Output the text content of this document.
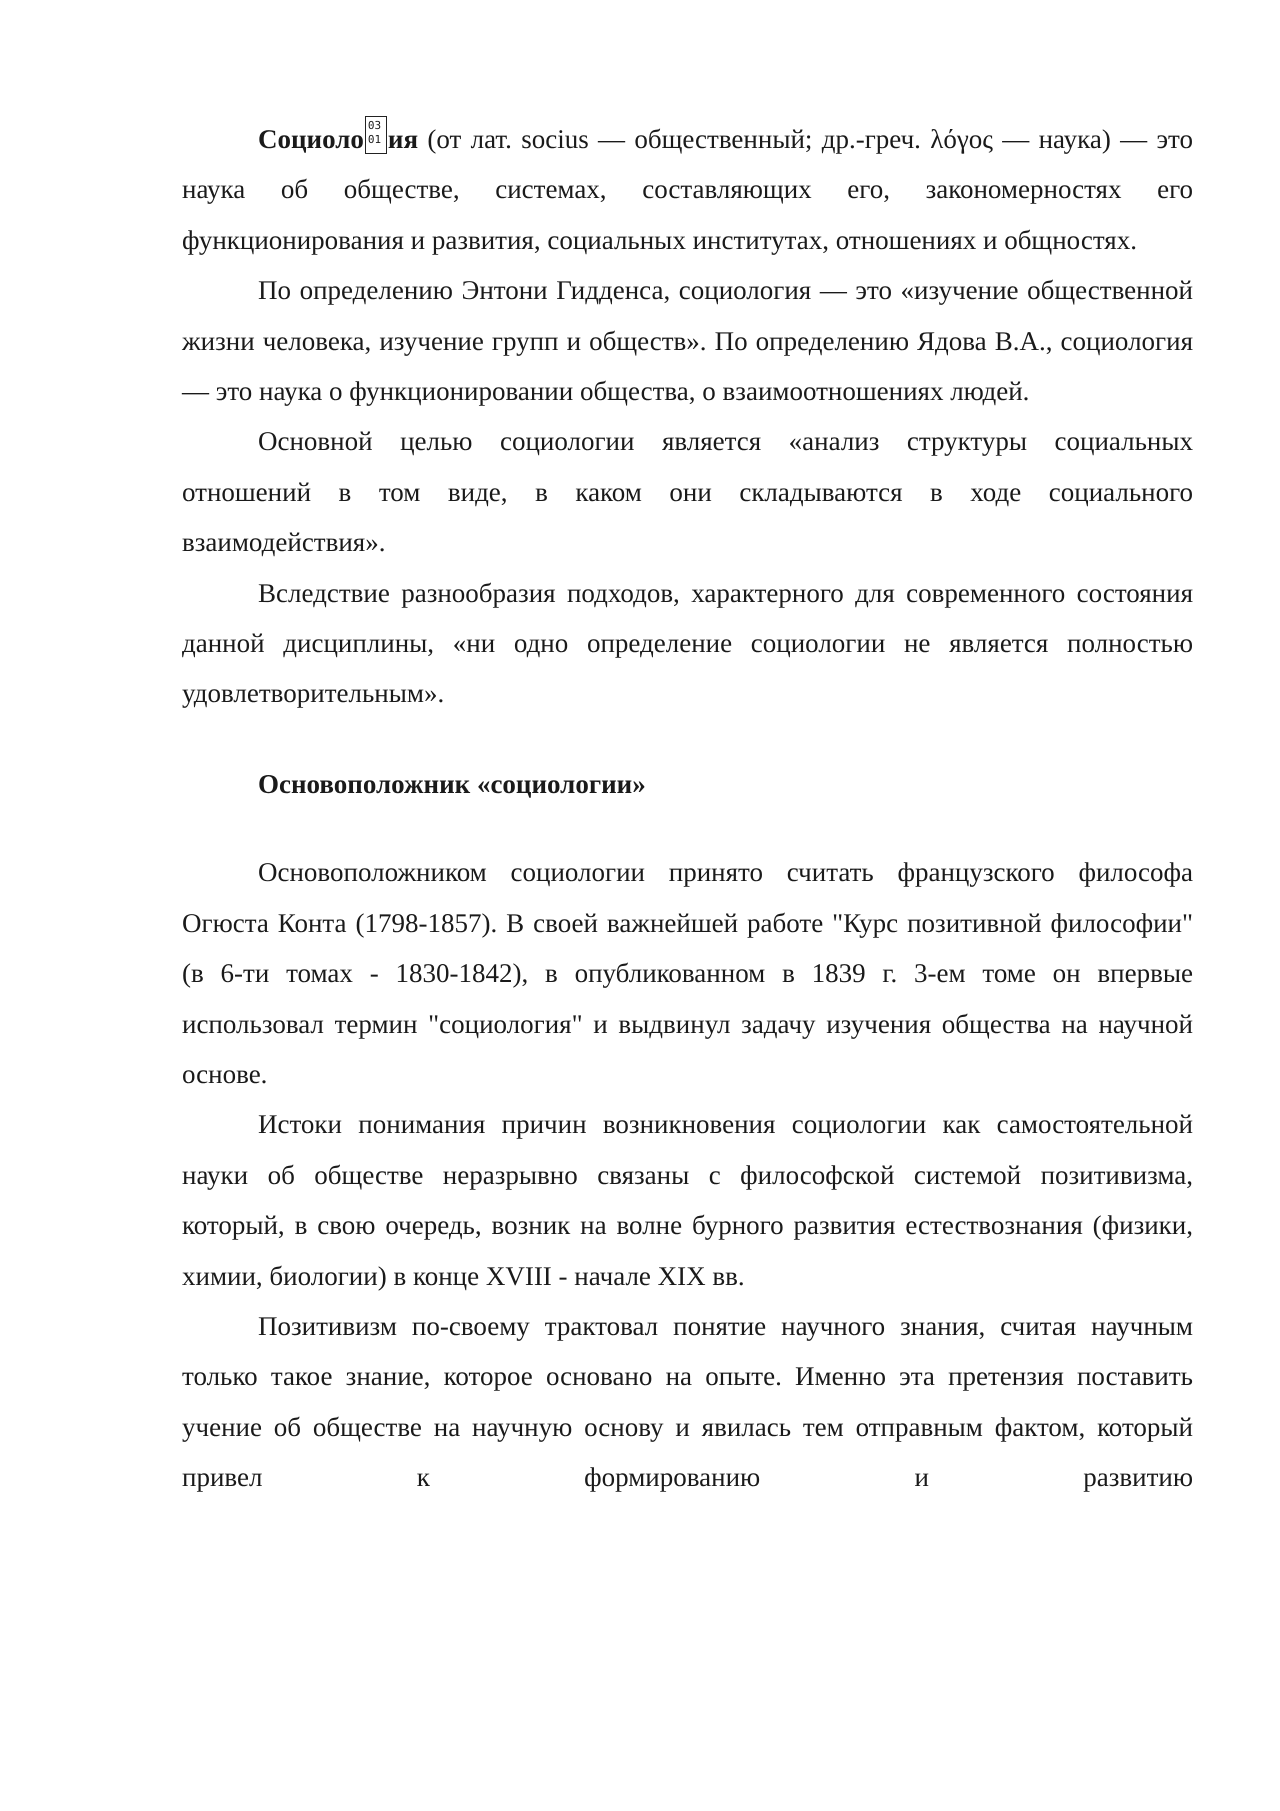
Социоло 03
01 ия (от лат. socius — общественный; др.-греч. λόγος — наука) — это наука об обществе, системах, составляющих его, закономерностях его функционирования и развития, социальных институтах, отношениях и общностях.

По определению Энтони Гидденса, социология — это «изучение общественной жизни человека, изучение групп и обществ». По определению Ядова В.А., социология — это наука о функционировании общества, о взаимоотношениях людей.

Основной целью социологии является «анализ структуры социальных отношений в том виде, в каком они складываются в ходе социального взаимодействия».

Вследствие разнообразия подходов, характерного для современного состояния данной дисциплины, «ни одно определение социологии не является полностью удовлетворительным».

Основоположник «социологии»

Основоположником социологии принято считать французского философа Огюста Конта (1798-1857). В своей важнейшей работе "Курс позитивной философии" (в 6-ти томах - 1830-1842), в опубликованном в 1839 г. 3-ем томе он впервые использовал термин "социология" и выдвинул задачу изучения общества на научной основе.

Истоки понимания причин возникновения социологии как самостоятельной науки об обществе неразрывно связаны с философской системой позитивизма, который, в свою очередь, возник на волне бурного развития естествознания (физики, химии, биологии) в конце XVIII - начале XIX вв.

Позитивизм по-своему трактовал понятие научного знания, считая научным только такое знание, которое основано на опыте. Именно эта претензия поставить учение об обществе на научную основу и явилась тем отправным фактом, который привел к формированию и развитию
